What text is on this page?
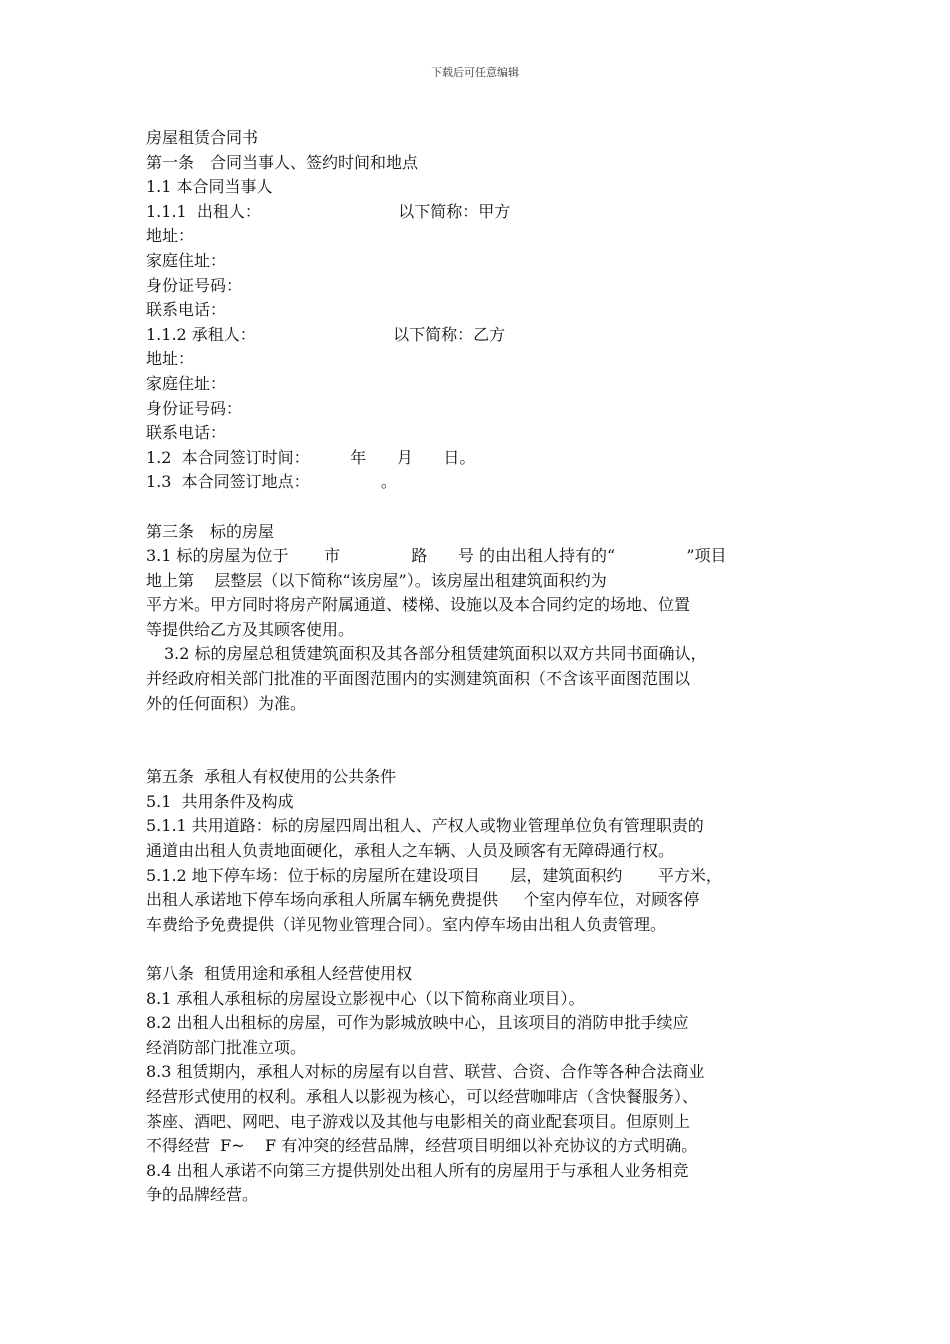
下载后可任意编辑
房屋租赁合同书
第一条　合同当事人、签约时间和地点
1.1 本合同当事人
1.1.1  出租人：                           以下简称：甲方
地址：
家庭住址：
身份证号码：
联系电话：
1.1.2 承租人：                           以下简称：乙方
地址：
家庭住址：
身份证号码：
联系电话：
1.2  本合同签订时间：        年      月      日。
1.3  本合同签订地点：              。
第三条　标的房屋
3.1 标的房屋为位于       市              路      号 的由出租人持有的“              ”项目
地上第    层整层（以下简称“该房屋”）。该房屋出租建筑面积约为
平方米。甲方同时将房产附属通道、楼梯、设施以及本合同约定的场地、位置
等提供给乙方及其顾客使用。
3.2 标的房屋总租赁建筑面积及其各部分租赁建筑面积以双方共同书面确认，
并经政府相关部门批准的平面图范围内的实测建筑面积（不含该平面图范围以
外的任何面积）为准。
第五条  承租人有权使用的公共条件
5.1  共用条件及构成
5.1.1 共用道路：标的房屋四周出租人、产权人或物业管理单位负有管理职责的
通道由出租人负责地面硬化，承租人之车辆、人员及顾客有无障碍通行权。
5.1.2 地下停车场：位于标的房屋所在建设项目      层，建筑面积约       平方米，
出租人承诺地下停车场向承租人所属车辆免费提供     个室内停车位，对顾客停
车费给予免费提供（详见物业管理合同）。室内停车场由出租人负责管理。
第八条  租赁用途和承租人经营使用权
8.1 承租人承租标的房屋设立影视中心（以下简称商业项目）。
8.2 出租人出租标的房屋，可作为影城放映中心，且该项目的消防申批手续应
经消防部门批准立项。
8.3 租赁期内，承租人对标的房屋有以自营、联营、合资、合作等各种合法商业
经营形式使用的权利。承租人以影视为核心，可以经营咖啡店（含快餐服务）、
茶座、酒吧、网吧、电子游戏以及其他与电影相关的商业配套项目。但原则上
不得经营  F~    F 有冲突的经营品牌，经营项目明细以补充协议的方式明确。
8.4 出租人承诺不向第三方提供别处出租人所有的房屋用于与承租人业务相竞
争的品牌经营。
